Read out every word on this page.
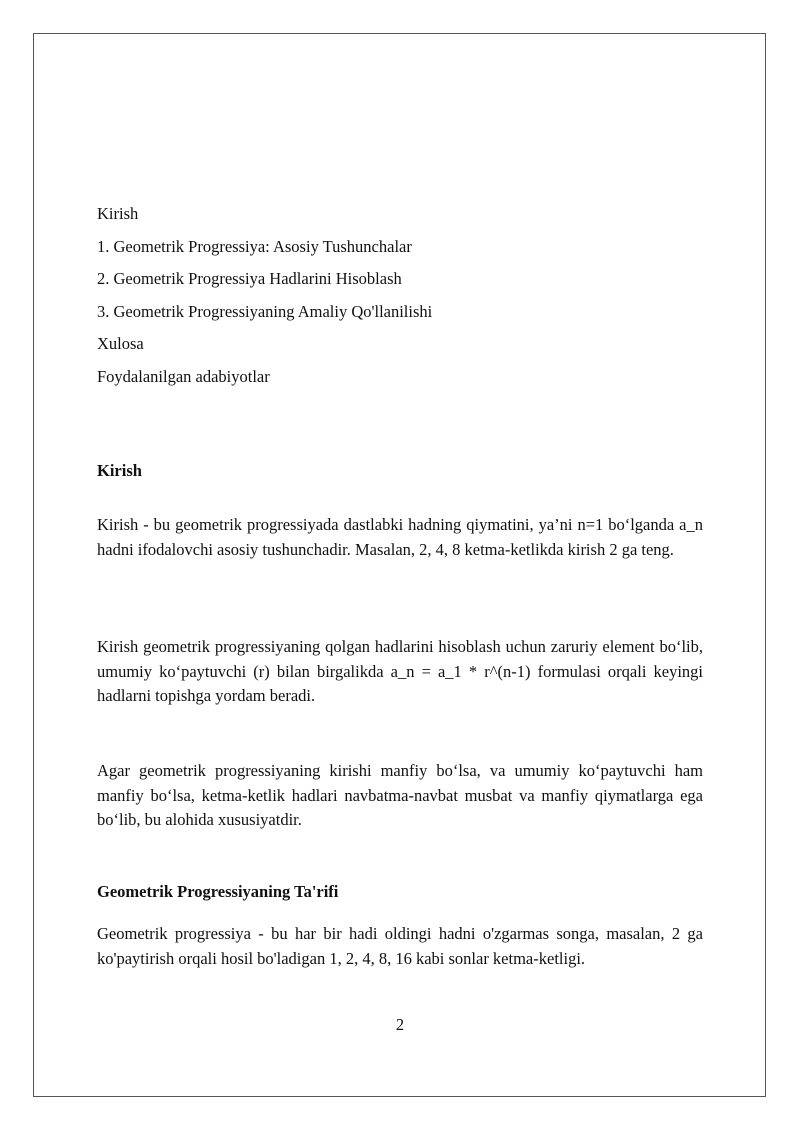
Kirish
1. Geometrik Progressiya: Asosiy Tushunchalar
2. Geometrik Progressiya Hadlarini Hisoblash
3. Geometrik Progressiyaning Amaliy Qo'llanilishi
Xulosa
Foydalanilgan adabiyotlar
Kirish
Kirish - bu geometrik progressiyada dastlabki hadning qiymatini, ya’ni n=1 bo‘lganda a_n hadni ifodalovchi asosiy tushunchadir. Masalan, 2, 4, 8 ketma-ketlikda kirish 2 ga teng.
Kirish geometrik progressiyaning qolgan hadlarini hisoblash uchun zaruriy element bo‘lib, umumiy ko‘paytuvchi (r) bilan birgalikda a_n = a_1 * r^(n-1) formulasi orqali keyingi hadlarni topishga yordam beradi.
Agar geometrik progressiyaning kirishi manfiy bo‘lsa, va umumiy ko‘paytuvchi ham manfiy bo‘lsa, ketma-ketlik hadlari navbatma-navbat musbat va manfiy qiymatlarga ega bo‘lib, bu alohida xususiyatdir.
Geometrik Progressiyaning Ta'rifi
Geometrik progressiya - bu har bir hadi oldingi hadni o'zgarmas songa, masalan, 2 ga ko'paytirish orqali hosil bo'ladigan 1, 2, 4, 8, 16 kabi sonlar ketma-ketligi.
2
